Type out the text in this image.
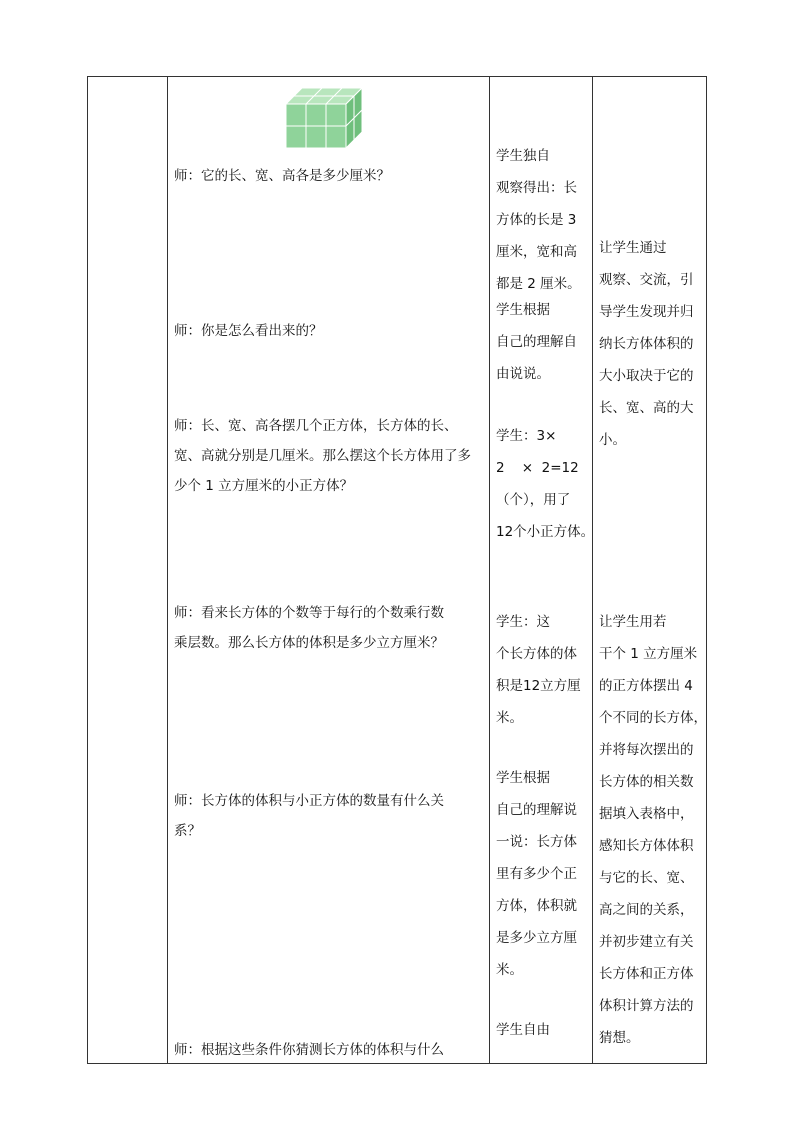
师：它的长、宽、高各是多少厘米？
师：你是怎么看出来的？
师：长、宽、高各摆几个正方体，长方体的长、
宽、高就分别是几厘米。那么摆这个长方体用了多
少个 1 立方厘米的小正方体？
师：看来长方体的个数等于每行的个数乘行数
乘层数。那么长方体的体积是多少立方厘米？
师：长方体的体积与小正方体的数量有什么关
系？
师：根据这些条件你猜测长方体的体积与什么
学生独自
观察得出：长
方体的长是 3
厘米，宽和高
都是 2 厘米。
学生根据
自己的理解自
由说说。
学生：3×
2    ×  2=12
（个），用了
12个小正方体。
学生：这
个长方体的体
积是12立方厘
米。
学生根据
自己的理解说
一说：长方体
里有多少个正
方体，体积就
是多少立方厘
米。
学生自由
让学生通过
观察、交流，引
导学生发现并归
纳长方体体积的
大小取决于它的
长、宽、高的大
小。
让学生用若
干个 1 立方厘米
的正方体摆出 4
个不同的长方体，
并将每次摆出的
长方体的相关数
据填入表格中，
感知长方体体积
与它的长、宽、
高之间的关系，
并初步建立有关
长方体和正方体
体积计算方法的
猜想。
